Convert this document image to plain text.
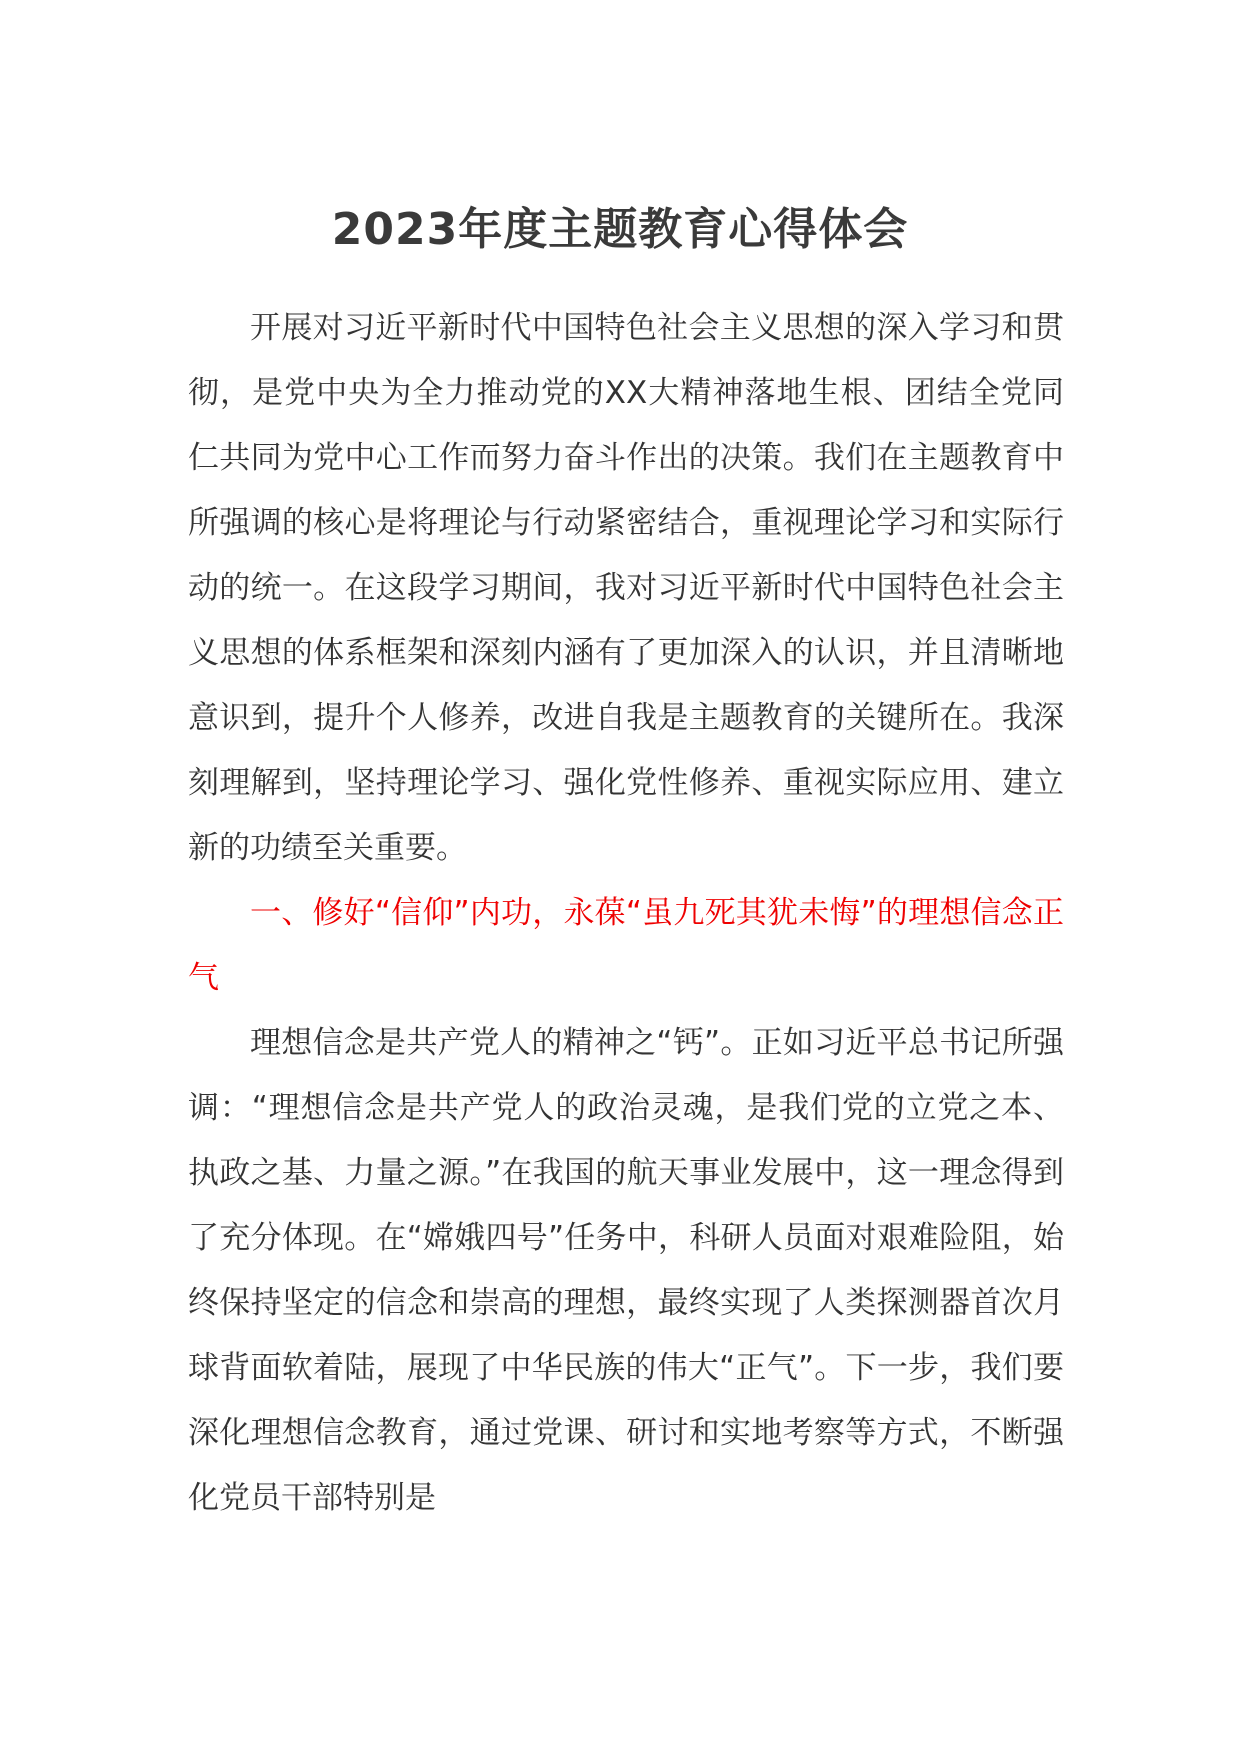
2023年度主题教育心得体会

开展对习近平新时代中国特色社会主义思想的深入学习和贯彻，是党中央为全力推动党的XX大精神落地生根、团结全党同仁共同为党中心工作而努力奋斗作出的决策。我们在主题教育中所强调的核心是将理论与行动紧密结合，重视理论学习和实际行动的统一。在这段学习期间，我对习近平新时代中国特色社会主义思想的体系框架和深刻内涵有了更加深入的认识，并且清晰地意识到，提升个人修养，改进自我是主题教育的关键所在。我深刻理解到，坚持理论学习、强化党性修养、重视实际应用、建立新的功绩至关重要。

一、修好“信仰”内功，永葆“虽九死其犹未悔”的理想信念正气

理想信念是共产党人的精神之“钙”。正如习近平总书记所强调：“理想信念是共产党人的政治灵魂，是我们党的立党之本、执政之基、力量之源。”在我国的航天事业发展中，这一理念得到了充分体现。在“嫦娥四号”任务中，科研人员面对艰难险阻，始终保持坚定的信念和崇高的理想，最终实现了人类探测器首次月球背面软着陆，展现了中华民族的伟大“正气”。下一步，我们要深化理想信念教育，通过党课、研讨和实地考察等方式，不断强化党员干部特别是
